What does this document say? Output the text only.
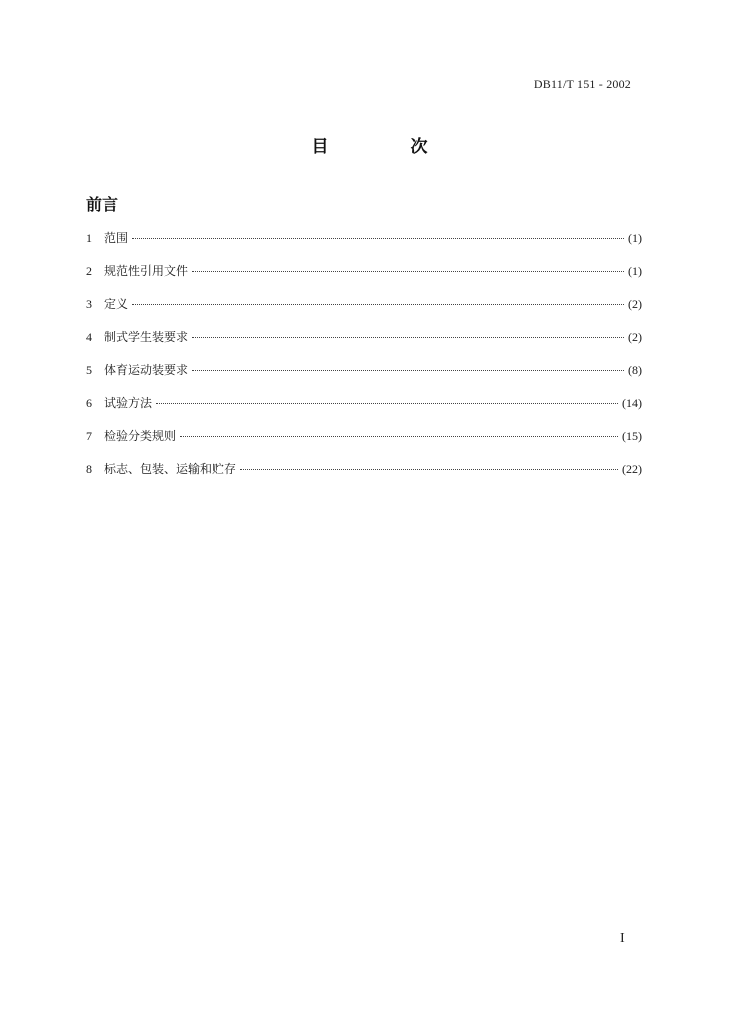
DB11/T 151 - 2002
目 次
前言
1	范围	(1)
2	规范性引用文件	(1)
3	定义	(2)
4	制式学生装要求	(2)
5	体育运动装要求	(8)
6	试验方法	(14)
7	检验分类规则	(15)
8	标志、包装、运输和贮存	(22)
I
